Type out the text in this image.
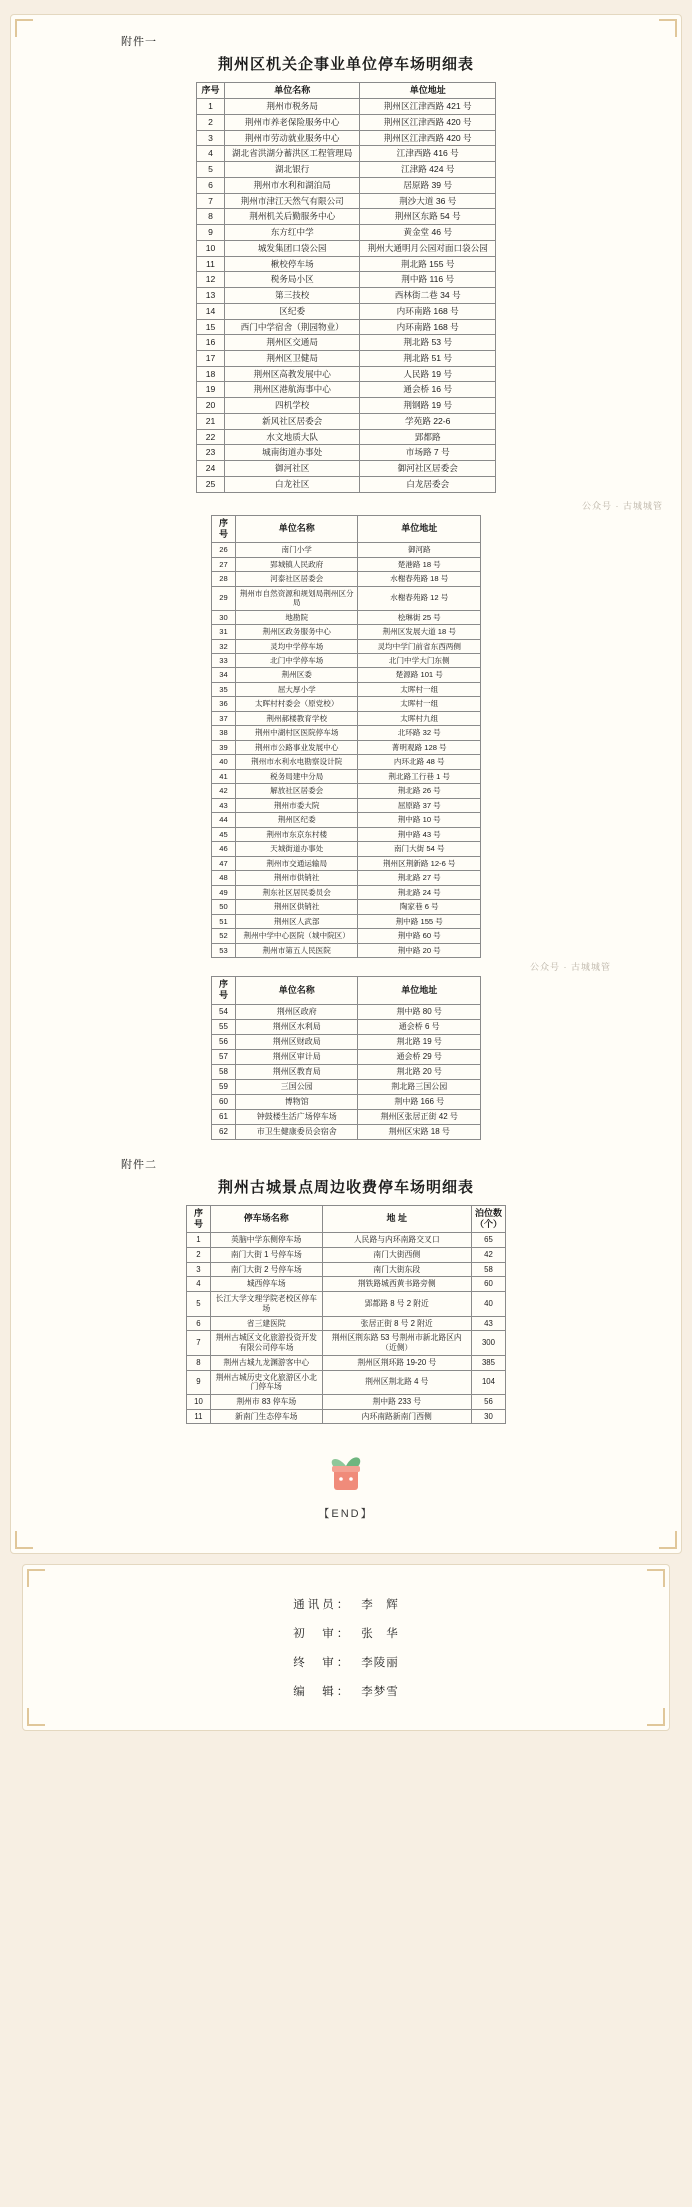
附件一
荆州区机关企事业单位停车场明细表
序号	单位名称	单位地址
1	荆州市税务局	荆州区江津西路 421 号
2	荆州市养老保险服务中心	荆州区江津西路 420 号
3	荆州市劳动就业服务中心	荆州区江津西路 420 号
4	湖北省洪湖分蓄洪区工程管理局	江津西路 416 号
5	湖北银行	江津路 424 号
6	荆州市水利和湖泊局	居原路 39 号
7	荆州市津江天然气有限公司	荆沙大道 36 号
8	荆州机关后勤服务中心	荆州区东路 54 号
9	东方红中学	黄金堂 46 号
10	城发集团口袋公园	荆州大通明月公园对面口袋公园
11	楸校停车场	荆北路 155 号
12	税务局小区	荆中路 116 号
13	第三技校	西林街二巷 34 号
14	区纪委	内环南路 168 号
15	西门中学宿舍（荆园物业）	内环南路 168 号
16	荆州区交通局	荆北路 53 号
17	荆州区卫健局	荆北路 51 号
18	荆州区高教发展中心	人民路 19 号
19	荆州区港航海事中心	通会桥 16 号
20	四机学校	荆钢路 19 号
21	新风社区居委会	学苑路 22-6
22	水文地质大队	郢都路
23	城南街道办事处	市场路 7 号
24	御河社区	御河社区居委会
25	白龙社区	白龙居委会
公众号 · 古城城管
序号	单位名称	单位地址
26	南门小学	御河路
27	郢城镇人民政府	楚港路 18 号
28	河泰社区居委会	水榭春苑路 18 号
29	荆州市自然资源和规划局荆州区分局	水榭春苑路 12 号
30	地勘院	桧琳街 25 号
31	荆州区政务服务中心	荆州区发展大道 18 号
32	灵均中学停车场	灵均中学门前省东西两侧
33	北门中学停车场	北门中学大门东侧
34	荆州区委	楚源路 101 号
35	屈大厚小学	太晖村一组
36	太晖村村委会（原党校）	太晖村一组
37	荆州郝楼教育学校	太晖村九组
38	荆州中湖村区医院停车场	北环路 32 号
39	荆州市公路事业发展中心	菁明观路 128 号
40	荆州市水利水电勘察设计院	内环北路 48 号
41	税务局建中分局	荆北路工行巷 1 号
42	解放社区居委会	荆北路 26 号
43	荆州市委大院	屈原路 37 号
44	荆州区纪委	荆中路 10 号
45	荆州市东京东村楼	荆中路 43 号
46	天城街道办事处	南门大街 54 号
47	荆州市交通运输局	荆州区荆新路 12-6 号
48	荆州市供销社	荆北路 27 号
49	荆东社区居民委员会	荆北路 24 号
50	荆州区供销社	陶家巷 6 号
51	荆州区人武部	荆中路 155 号
52	荆州中学中心医院（城中院区）	荆中路 60 号
53	荆州市第五人民医院	荆中路 20 号
公众号 · 古城城管
序号	单位名称	单位地址
54	荆州区政府	荆中路 80 号
55	荆州区水利局	通会桥 6 号
56	荆州区财政局	荆北路 19 号
57	荆州区审计局	通会桥 29 号
58	荆州区教育局	荆北路 20 号
59	三国公园	荆北路三国公园
60	博物馆	荆中路 166 号
61	钟鼓楼生活广场停车场	荆州区张居正街 42 号
62	市卫生健康委员会宿舍	荆州区宋路 18 号
附件二
荆州古城景点周边收费停车场明细表
序号	停车场名称	地 址	泊位数（个）
1	英脑中学东侧停车场	人民路与内环南路交叉口	65
2	南门大街 1 号停车场	南门大街西侧	42
3	南门大街 2 号停车场	南门大街东段	58
4	城西停车场	荆铁路城西黄书路旁侧	60
5	长江大学文理学院老校区停车场	郢都路 8 号 2 附近	40
6	省三建医院	张居正街 8 号 2 附近	43
7	荆州古城区文化旅游投资开发有限公司停车场	荆州区荆东路 53 号荆州市新北路区内（近侧）	300
8	荆州古城九龙渊游客中心	荆州区荆环路 19-20 号	385
9	荆州古城历史文化旅游区小北门停车场	荆州区荆北路 4 号	104
10	荆州市 83 停车场	荆中路 233 号	56
11	新南门生态停车场	内环南路新南门西侧	30
【END】
通讯员： 李　辉
初　审： 张　华
终　审： 李陵丽
编　辑： 李梦雪
